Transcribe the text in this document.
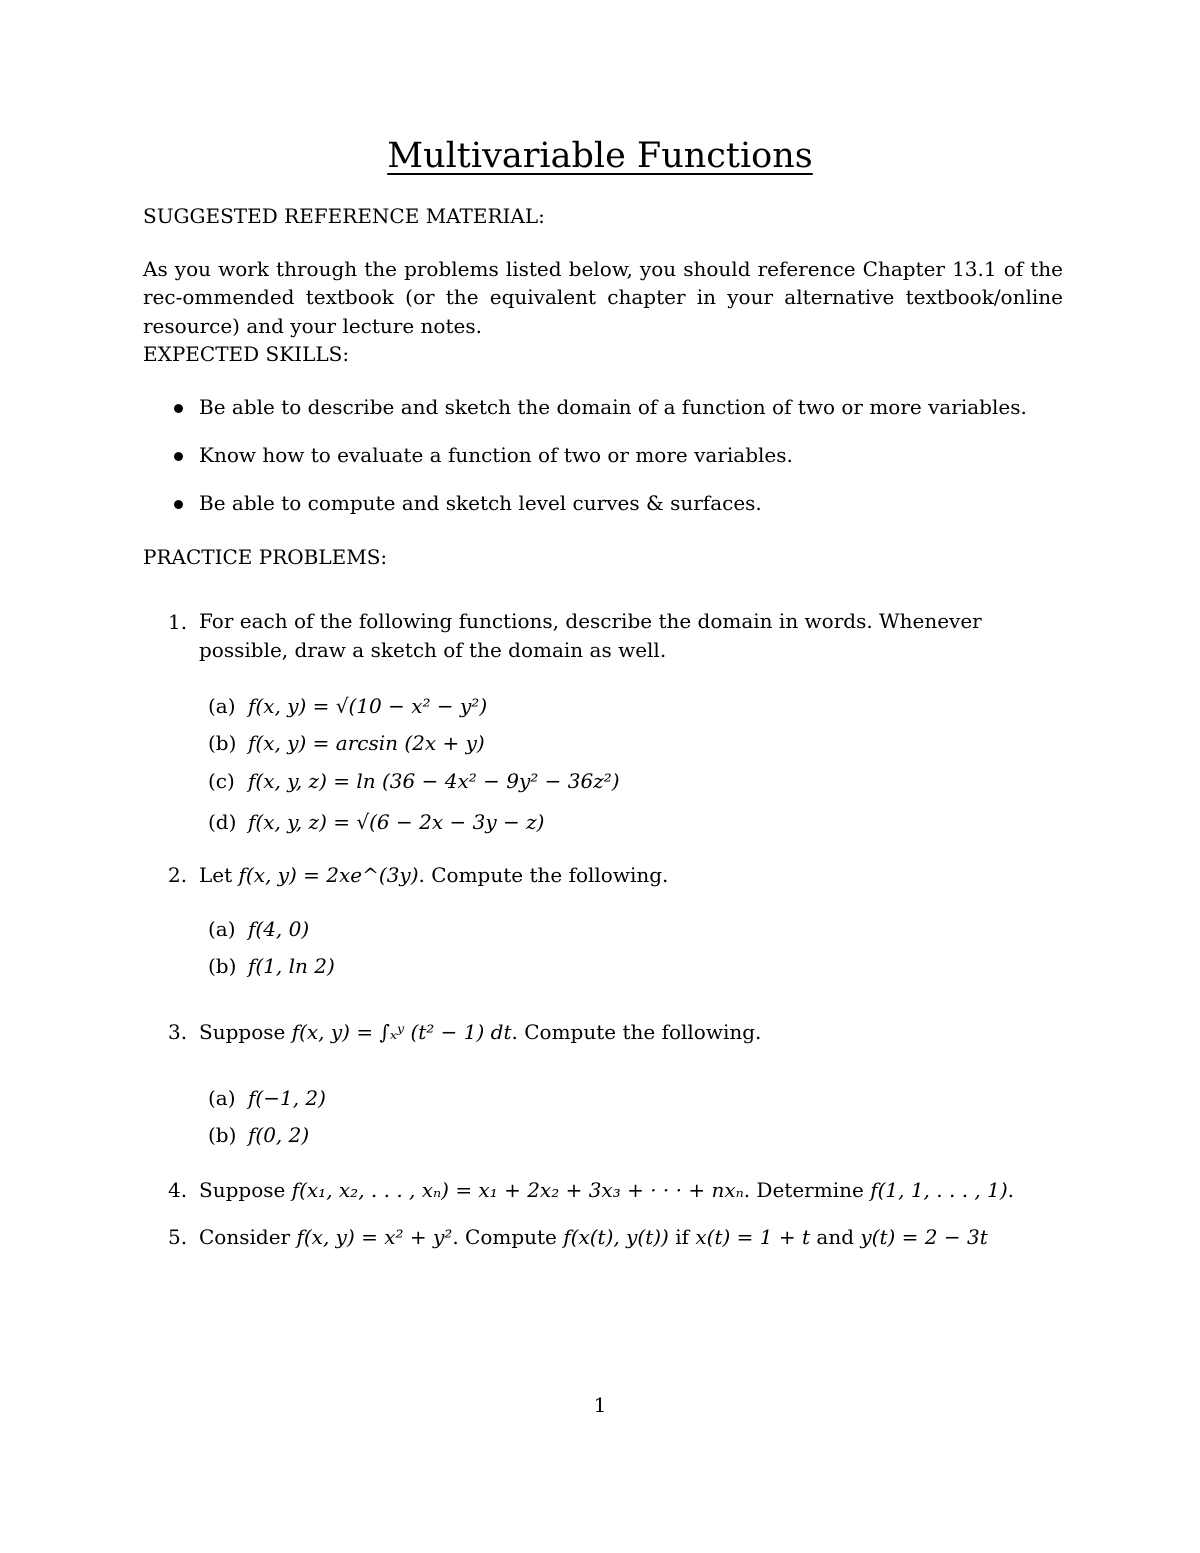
Multivariable Functions
SUGGESTED REFERENCE MATERIAL:
As you work through the problems listed below, you should reference Chapter 13.1 of the rec-ommended textbook (or the equivalent chapter in your alternative textbook/online resource) and your lecture notes.
EXPECTED SKILLS:
Be able to describe and sketch the domain of a function of two or more variables.
Know how to evaluate a function of two or more variables.
Be able to compute and sketch level curves & surfaces.
PRACTICE PROBLEMS:
1. For each of the following functions, describe the domain in words. Whenever possible, draw a sketch of the domain as well.
(a) f(x, y) = √(10 − x² − y²)
(b) f(x, y) = arcsin (2x + y)
(c) f(x, y, z) = ln (36 − 4x² − 9y² − 36z²)
(d) f(x, y, z) = √(6 − 2x − 3y − z)
2. Let f(x, y) = 2xe^(3y). Compute the following.
(a) f(4, 0)
(b) f(1, ln 2)
3. Suppose f(x, y) = ∫ₓʸ (t² − 1) dt. Compute the following.
(a) f(−1, 2)
(b) f(0, 2)
4. Suppose f(x₁, x₂, . . . , xₙ) = x₁ + 2x₂ + 3x₃ + · · · + nxₙ. Determine f(1, 1, . . . , 1).
5. Consider f(x, y) = x² + y². Compute f(x(t), y(t)) if x(t) = 1 + t and y(t) = 2 − 3t
1
